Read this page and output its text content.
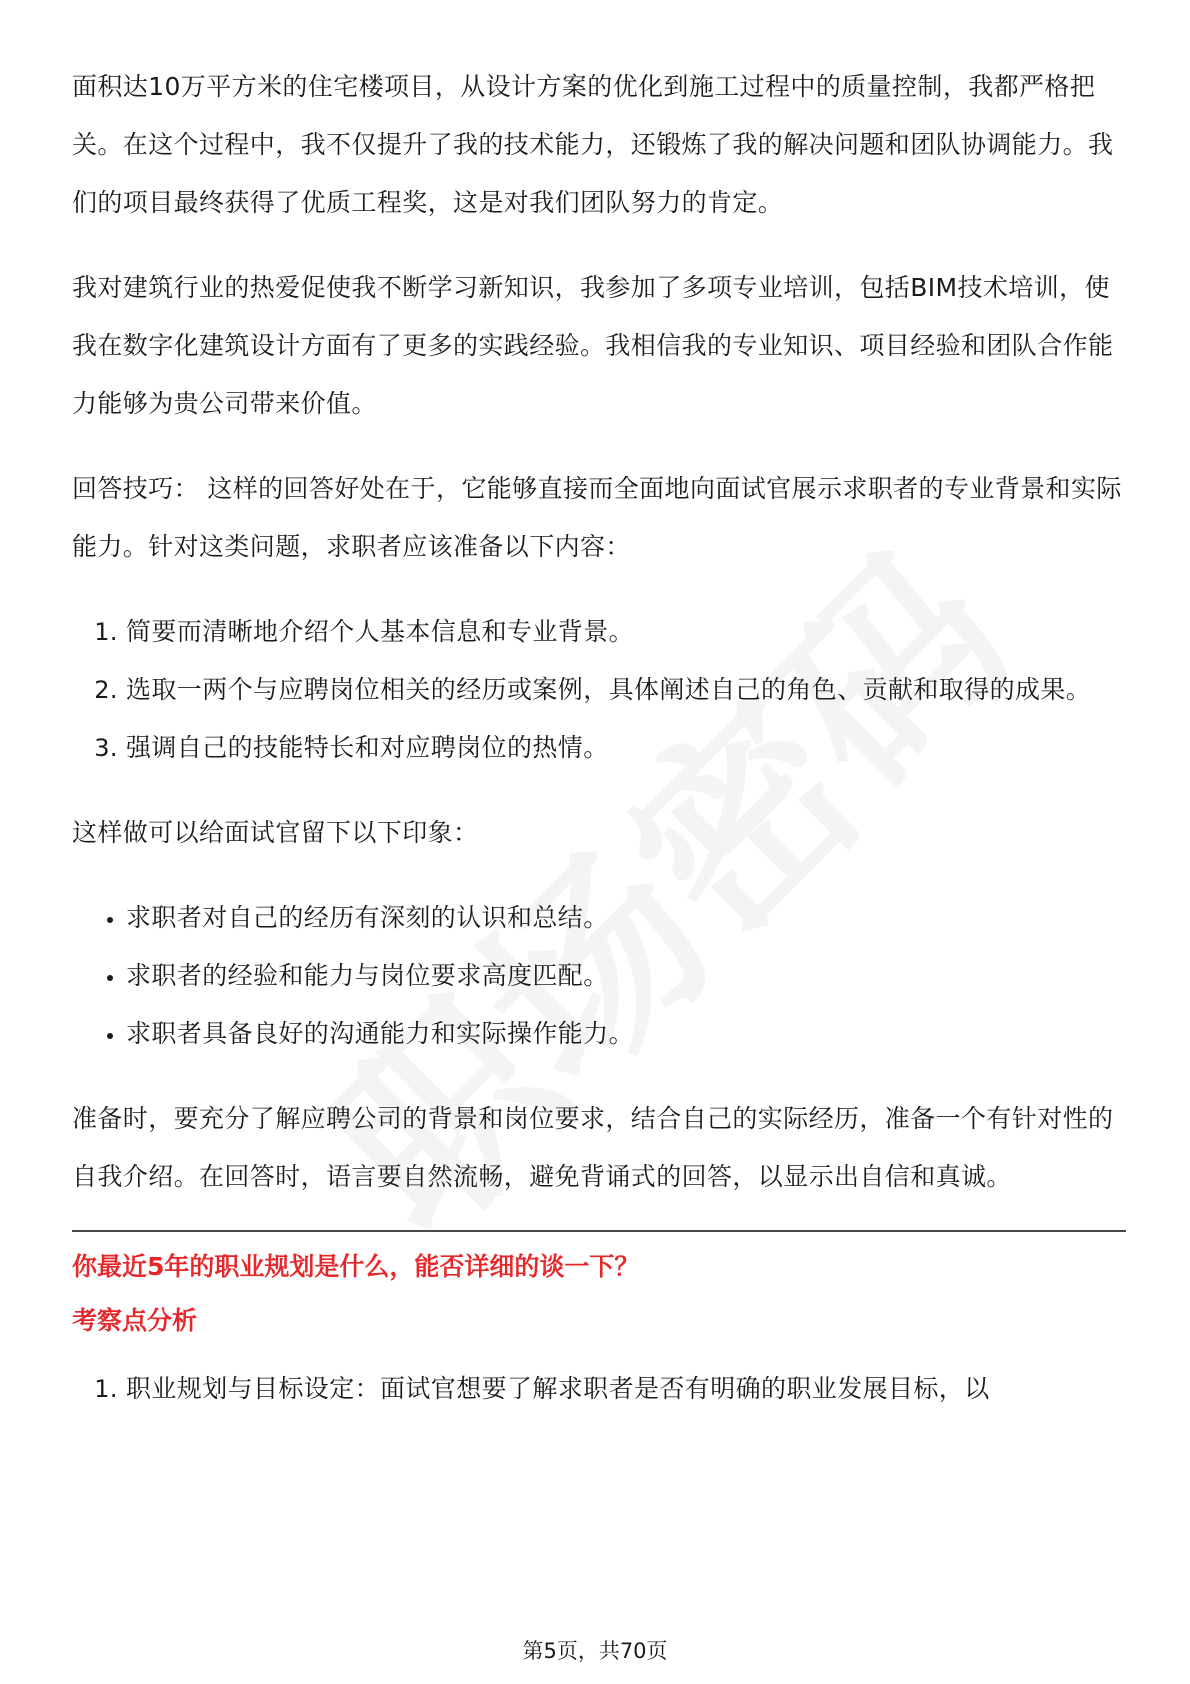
面积达10万平方米的住宅楼项目，从设计方案的优化到施工过程中的质量控制，我都严格把关。在这个过程中，我不仅提升了我的技术能力，还锻炼了我的解决问题和团队协调能力。我们的项目最终获得了优质工程奖，这是对我们团队努力的肯定。

我对建筑行业的热爱促使我不断学习新知识，我参加了多项专业培训，包括BIM技术培训，使我在数字化建筑设计方面有了更多的实践经验。我相信我的专业知识、项目经验和团队合作能力能够为贵公司带来价值。

回答技巧： 这样的回答好处在于，它能够直接而全面地向面试官展示求职者的专业背景和实际能力。针对这类问题，求职者应该准备以下内容：

1. 简要而清晰地介绍个人基本信息和专业背景。
2. 选取一两个与应聘岗位相关的经历或案例，具体阐述自己的角色、贡献和取得的成果。
3. 强调自己的技能特长和对应聘岗位的热情。

这样做可以给面试官留下以下印象：

• 求职者对自己的经历有深刻的认识和总结。
• 求职者的经验和能力与岗位要求高度匹配。
• 求职者具备良好的沟通能力和实际操作能力。

准备时，要充分了解应聘公司的背景和岗位要求，结合自己的实际经历，准备一个有针对性的自我介绍。在回答时，语言要自然流畅，避免背诵式的回答，以显示出自信和真诚。

你最近5年的职业规划是什么，能否详细的谈一下？
考察点分析
1. 职业规划与目标设定：面试官想要了解求职者是否有明确的职业发展目标，以
第5页，共70页
